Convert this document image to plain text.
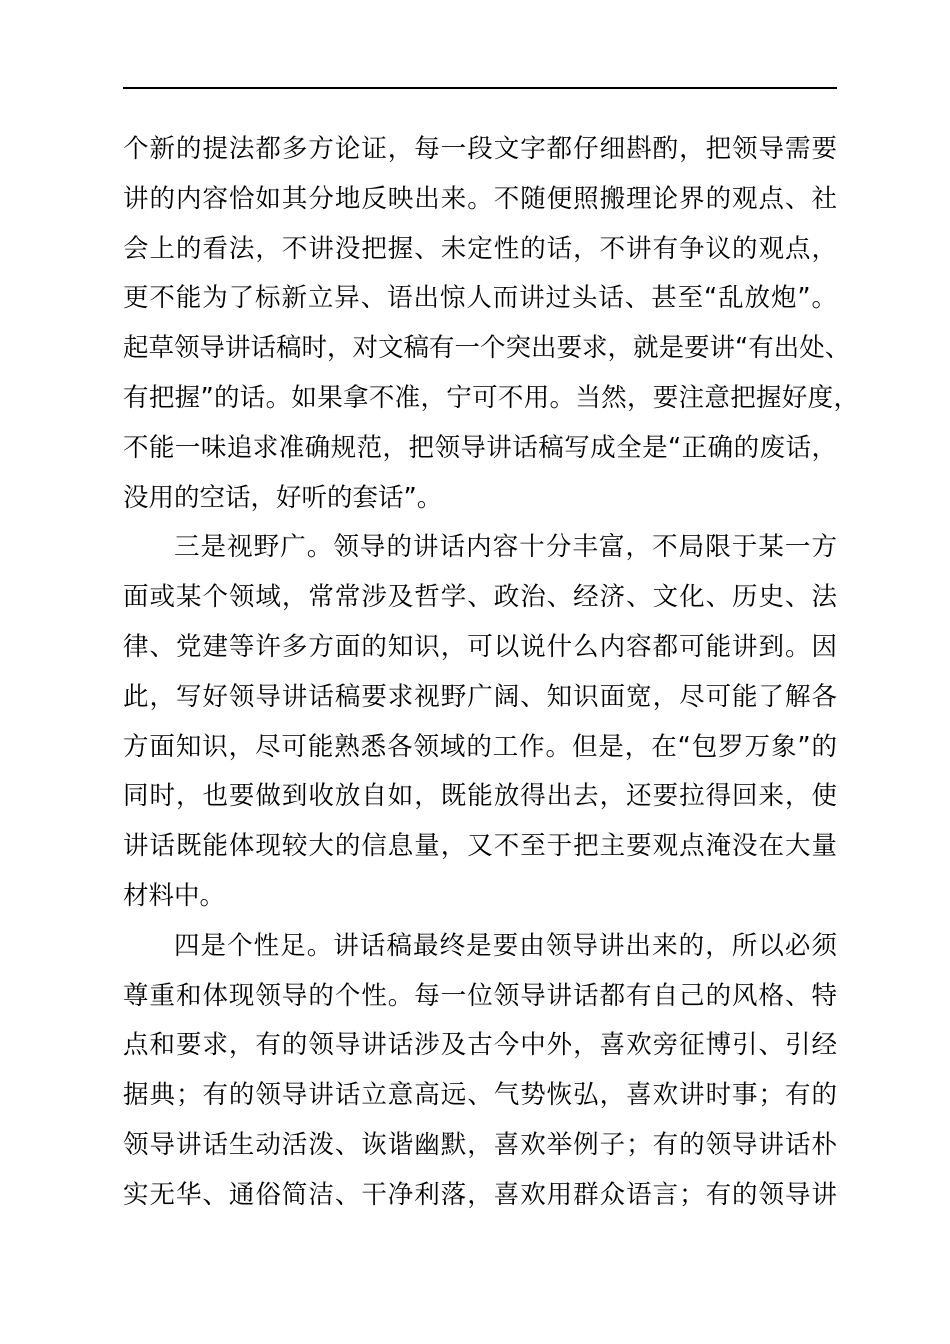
个新的提法都多方论证，每一段文字都仔细斟酌，把领导需要
讲的内容恰如其分地反映出来。不随便照搬理论界的观点、社
会上的看法，不讲没把握、未定性的话，不讲有争议的观点，
更不能为了标新立异、语出惊人而讲过头话、甚至“乱放炮”。
起草领导讲话稿时，对文稿有一个突出要求，就是要讲“有出处、
有把握”的话。如果拿不准，宁可不用。当然，要注意把握好度，
不能一味追求准确规范，把领导讲话稿写成全是“正确的废话，
没用的空话，好听的套话”。
三是视野广。领导的讲话内容十分丰富，不局限于某一方
面或某个领域，常常涉及哲学、政治、经济、文化、历史、法
律、党建等许多方面的知识，可以说什么内容都可能讲到。因
此，写好领导讲话稿要求视野广阔、知识面宽，尽可能了解各
方面知识，尽可能熟悉各领域的工作。但是，在“包罗万象”的
同时，也要做到收放自如，既能放得出去，还要拉得回来，使
讲话既能体现较大的信息量，又不至于把主要观点淹没在大量
材料中。
四是个性足。讲话稿最终是要由领导讲出来的，所以必须
尊重和体现领导的个性。每一位领导讲话都有自己的风格、特
点和要求，有的领导讲话涉及古今中外，喜欢旁征博引、引经
据典；有的领导讲话立意高远、气势恢弘，喜欢讲时事；有的
领导讲话生动活泼、诙谐幽默，喜欢举例子；有的领导讲话朴
实无华、通俗简洁、干净利落，喜欢用群众语言；有的领导讲
